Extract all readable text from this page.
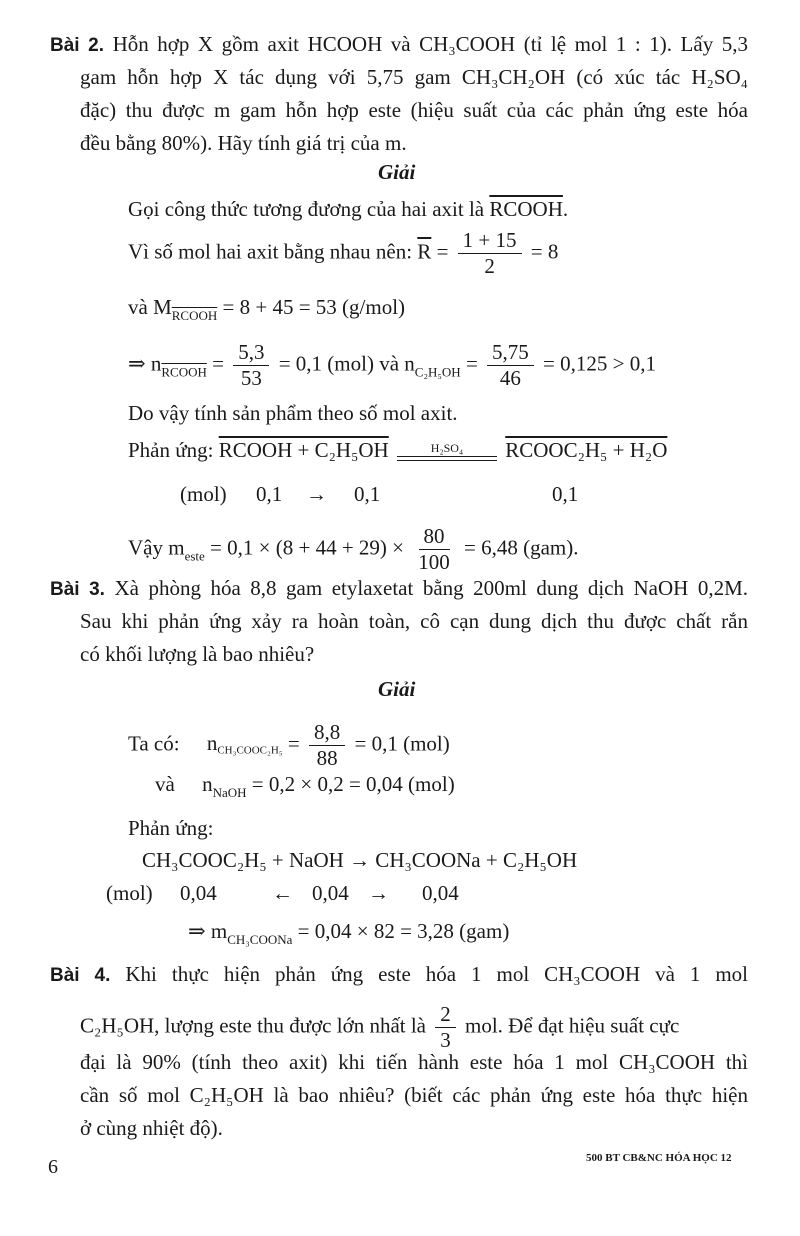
Bài 2. Hỗn hợp X gồm axit HCOOH và CH₃COOH (tỉ lệ mol 1 : 1). Lấy 5,3
gam hỗn hợp X tác dụng với 5,75 gam CH₃CH₂OH (có xúc tác H₂SO₄
đặc) thu được m gam hỗn hợp este (hiệu suất của các phản ứng este hóa
đều bằng 80%). Hãy tính giá trị của m.
Giải
Gọi công thức tương đương của hai axit là RCOOH.
Vì số mol hai axit bằng nhau nên: $\overline{R} = \frac{1 + 15}{2} = 8$
và $M_{RCOOH} = 8 + 45 = 53$ (g/mol)
⇒ $n_{RCOOH} = \frac{5,3}{53} = 0,1$ (mol) và $n_{C_2H_5OH} = \frac{5,75}{46} = 0,125 > 0,1$
Do vậy tính sản phẩm theo số mol axit.
Phản ứng: RCOOH + C₂H₅OH	H₂SO₄ RCOOC₂H₅ + H₂O
(mol) 0,1 → 0,1	0,1
Vậy $m_{este} = 0,1 \times (8 + 44 + 29) \times \frac{80}{100} = 6,48$ (gam).
Bài 3. Xà phòng hóa 8,8 gam etylaxetat bằng 200ml dung dịch NaOH 0,2M.
Sau khi phản ứng xảy ra hoàn toàn, cô cạn dung dịch thu được chất rắn
có khối lượng là bao nhiêu?
Giải
Ta có: nCH₃COOC₂H₅ = $\frac{8,8}{88} = 0,1$ (mol)
và $n_{NaOH} = 0,2 \times 0,2 = 0,04$ (mol)
Phản ứng:
CH₃COOC₂H₅ + NaOH → CH₃COONa + C₂H₅OH
(mol) 0,04	← 0,04 → 0,04
⇒ $m_{CH_3COONa} = 0,04 \times 82 = 3,28$ (gam)
Bài 4. Khi thực hiện phản ứng este hóa 1 mol CH₃COOH và 1 mol
C₂H₅OH, lượng este thu được lớn nhất là $\frac{2}{3}$ mol. Để đạt hiệu suất cực
đại là 90% (tính theo axit) khi tiến hành este hóa 1 mol CH₃COOH thì
cần số mol C₂H₅OH là bao nhiêu? (biết các phản ứng este hóa thực hiện
ở cùng nhiệt độ).
6	500 BT CB&NC HÓA HỌC 12
